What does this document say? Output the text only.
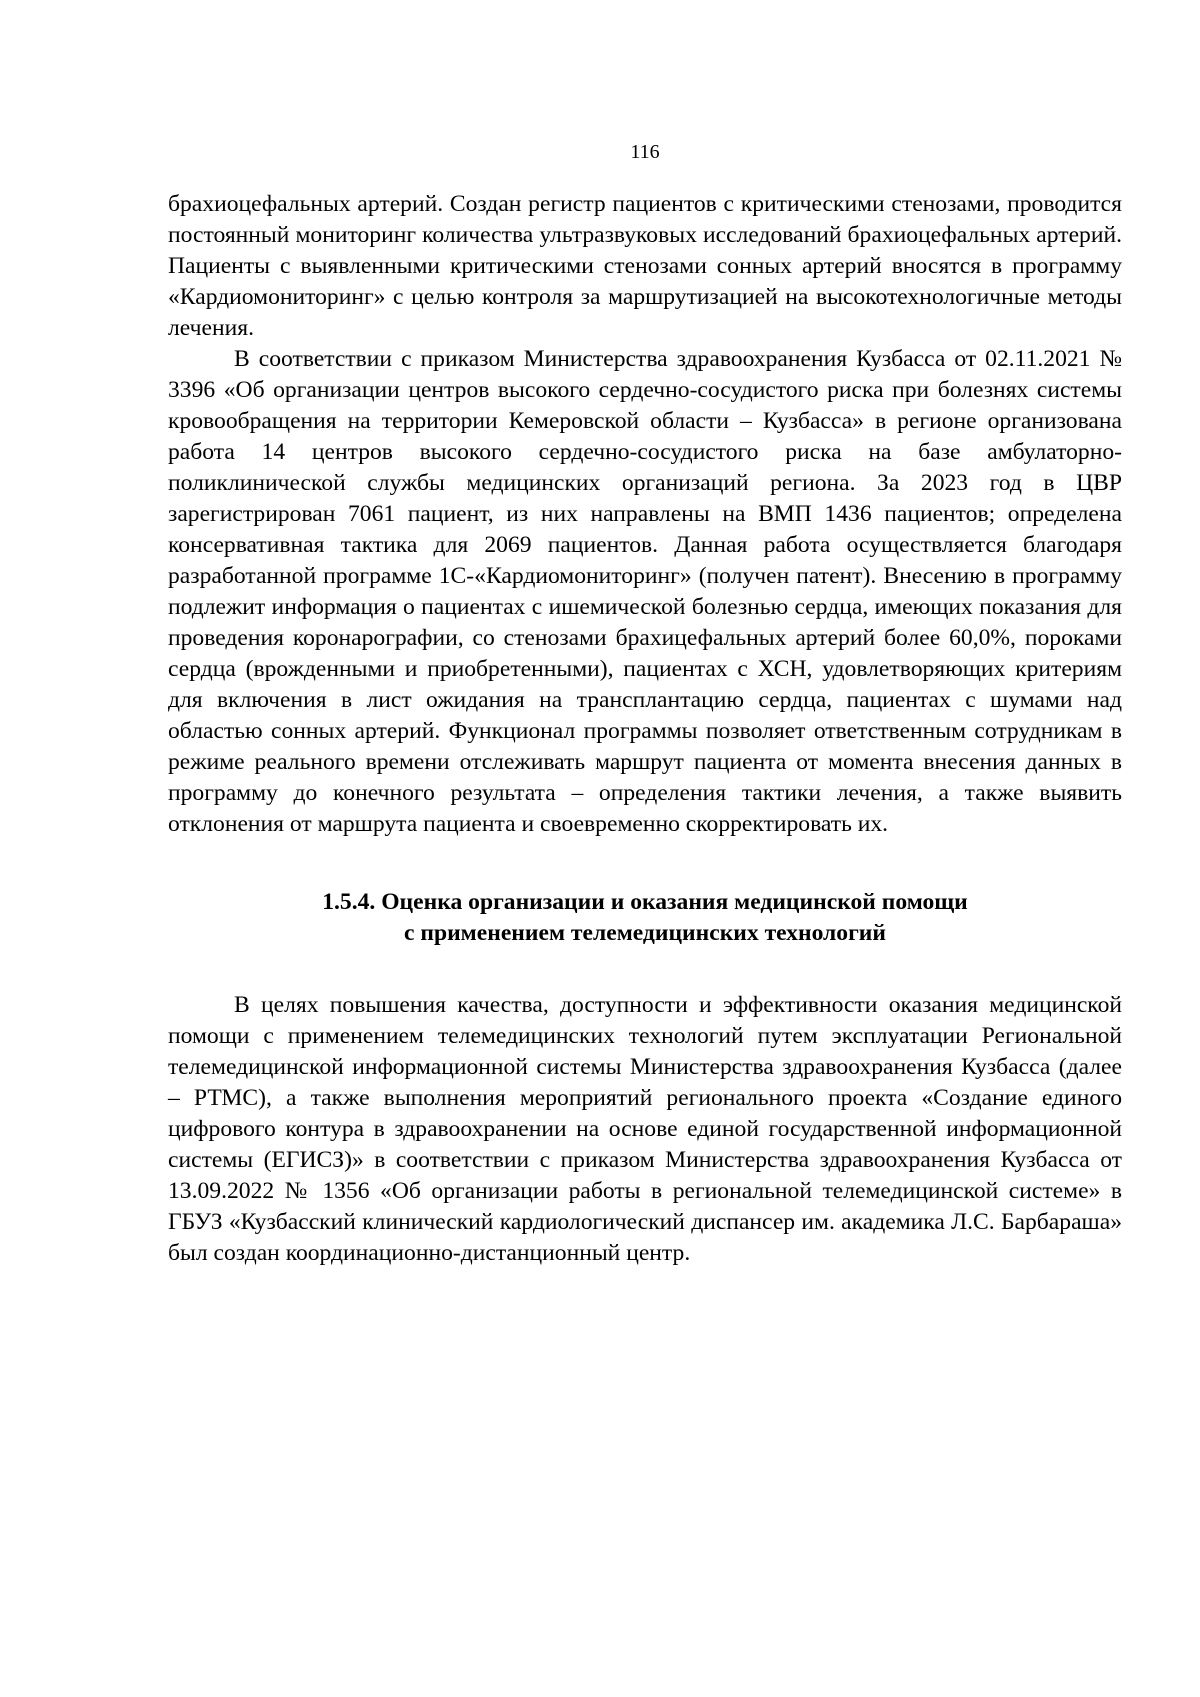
116

брахиоцефальных артерий. Создан регистр пациентов с критическими стенозами, проводится постоянный мониторинг количества ультразвуковых исследований брахиоцефальных артерий. Пациенты с выявленными критическими стенозами сонных артерий вносятся в программу «Кардиомониторинг» с целью контроля за маршрутизацией на высокотехнологичные методы лечения.

В соответствии с приказом Министерства здравоохранения Кузбасса от 02.11.2021 № 3396 «Об организации центров высокого сердечно-сосудистого риска при болезнях системы кровообращения на территории Кемеровской области – Кузбасса» в регионе организована работа 14 центров высокого сердечно-сосудистого риска на базе амбулаторно-поликлинической службы медицинских организаций региона. За 2023 год в ЦВР зарегистрирован 7061 пациент, из них направлены на ВМП 1436 пациентов; определена консервативная тактика для 2069 пациентов. Данная работа осуществляется благодаря разработанной программе 1С-«Кардиомониторинг» (получен патент). Внесению в программу подлежит информация о пациентах с ишемической болезнью сердца, имеющих показания для проведения коронарографии, со стенозами брахицефальных артерий более 60,0%, пороками сердца (врожденными и приобретенными), пациентах с ХСН, удовлетворяющих критериям для включения в лист ожидания на трансплантацию сердца, пациентах с шумами над областью сонных артерий. Функционал программы позволяет ответственным сотрудникам в режиме реального времени отслеживать маршрут пациента от момента внесения данных в программу до конечного результата – определения тактики лечения, а также выявить отклонения от маршрута пациента и своевременно скорректировать их.

1.5.4. Оценка организации и оказания медицинской помощи
с применением телемедицинских технологий

В целях повышения качества, доступности и эффективности оказания медицинской помощи с применением телемедицинских технологий путем эксплуатации Региональной телемедицинской информационной системы Министерства здравоохранения Кузбасса (далее – РТМС), а также выполнения мероприятий регионального проекта «Создание единого цифрового контура в здравоохранении на основе единой государственной информационной системы (ЕГИСЗ)» в соответствии с приказом Министерства здравоохранения Кузбасса от 13.09.2022 № 1356 «Об организации работы в региональной телемедицинской системе» в ГБУЗ «Кузбасский клинический кардиологический диспансер им. академика Л.С. Барбараша» был создан координационно-дистанционный центр.
